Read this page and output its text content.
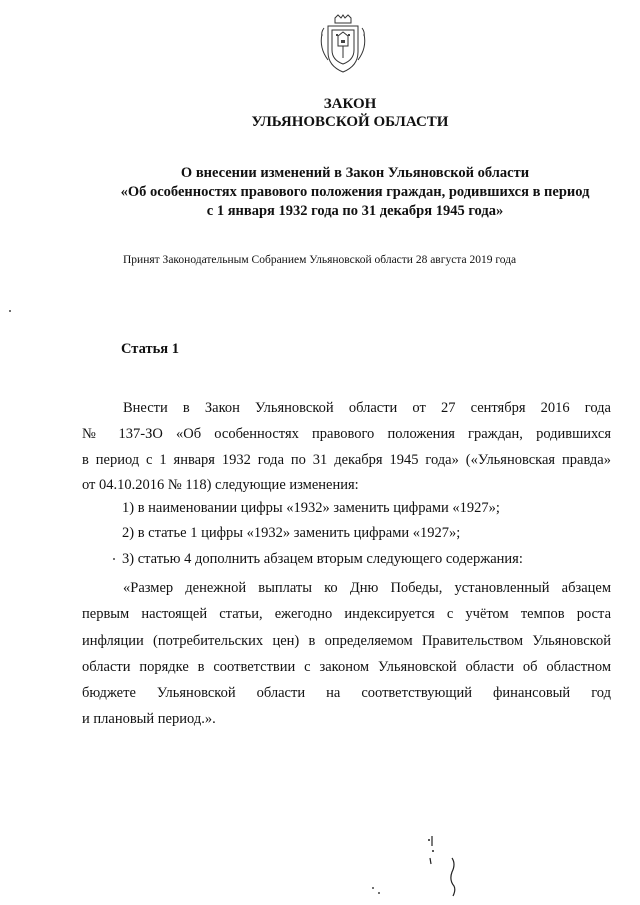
ЗАКОН
УЛЬЯНОВСКОЙ ОБЛАСТИ
О внесении изменений в Закон Ульяновской области
«Об особенностях правового положения граждан, родившихся в период
с 1 января 1932 года по 31 декабря 1945 года»
Принят Законодательным Собранием Ульяновской области 28 августа 2019 года
Статья 1
Внести в Закон Ульяновской области от 27 сентября 2016 года
№ 137-ЗО «Об особенностях правового положения граждан, родившихся
в период с 1 января 1932 года по 31 декабря 1945 года» («Ульяновская правда»
от 04.10.2016 № 118) следующие изменения:
1) в наименовании цифры «1932» заменить цифрами «1927»;
2) в статье 1 цифры «1932» заменить цифрами «1927»;
3) статью 4 дополнить абзацем вторым следующего содержания:
«Размер денежной выплаты ко Дню Победы, установленный абзацем
первым настоящей статьи, ежегодно индексируется с учётом темпов роста
инфляции (потребительских цен) в определяемом Правительством Ульяновской
области порядке в соответствии с законом Ульяновской области об областном
бюджете Ульяновской области на соответствующий финансовый год
и плановый период.».
